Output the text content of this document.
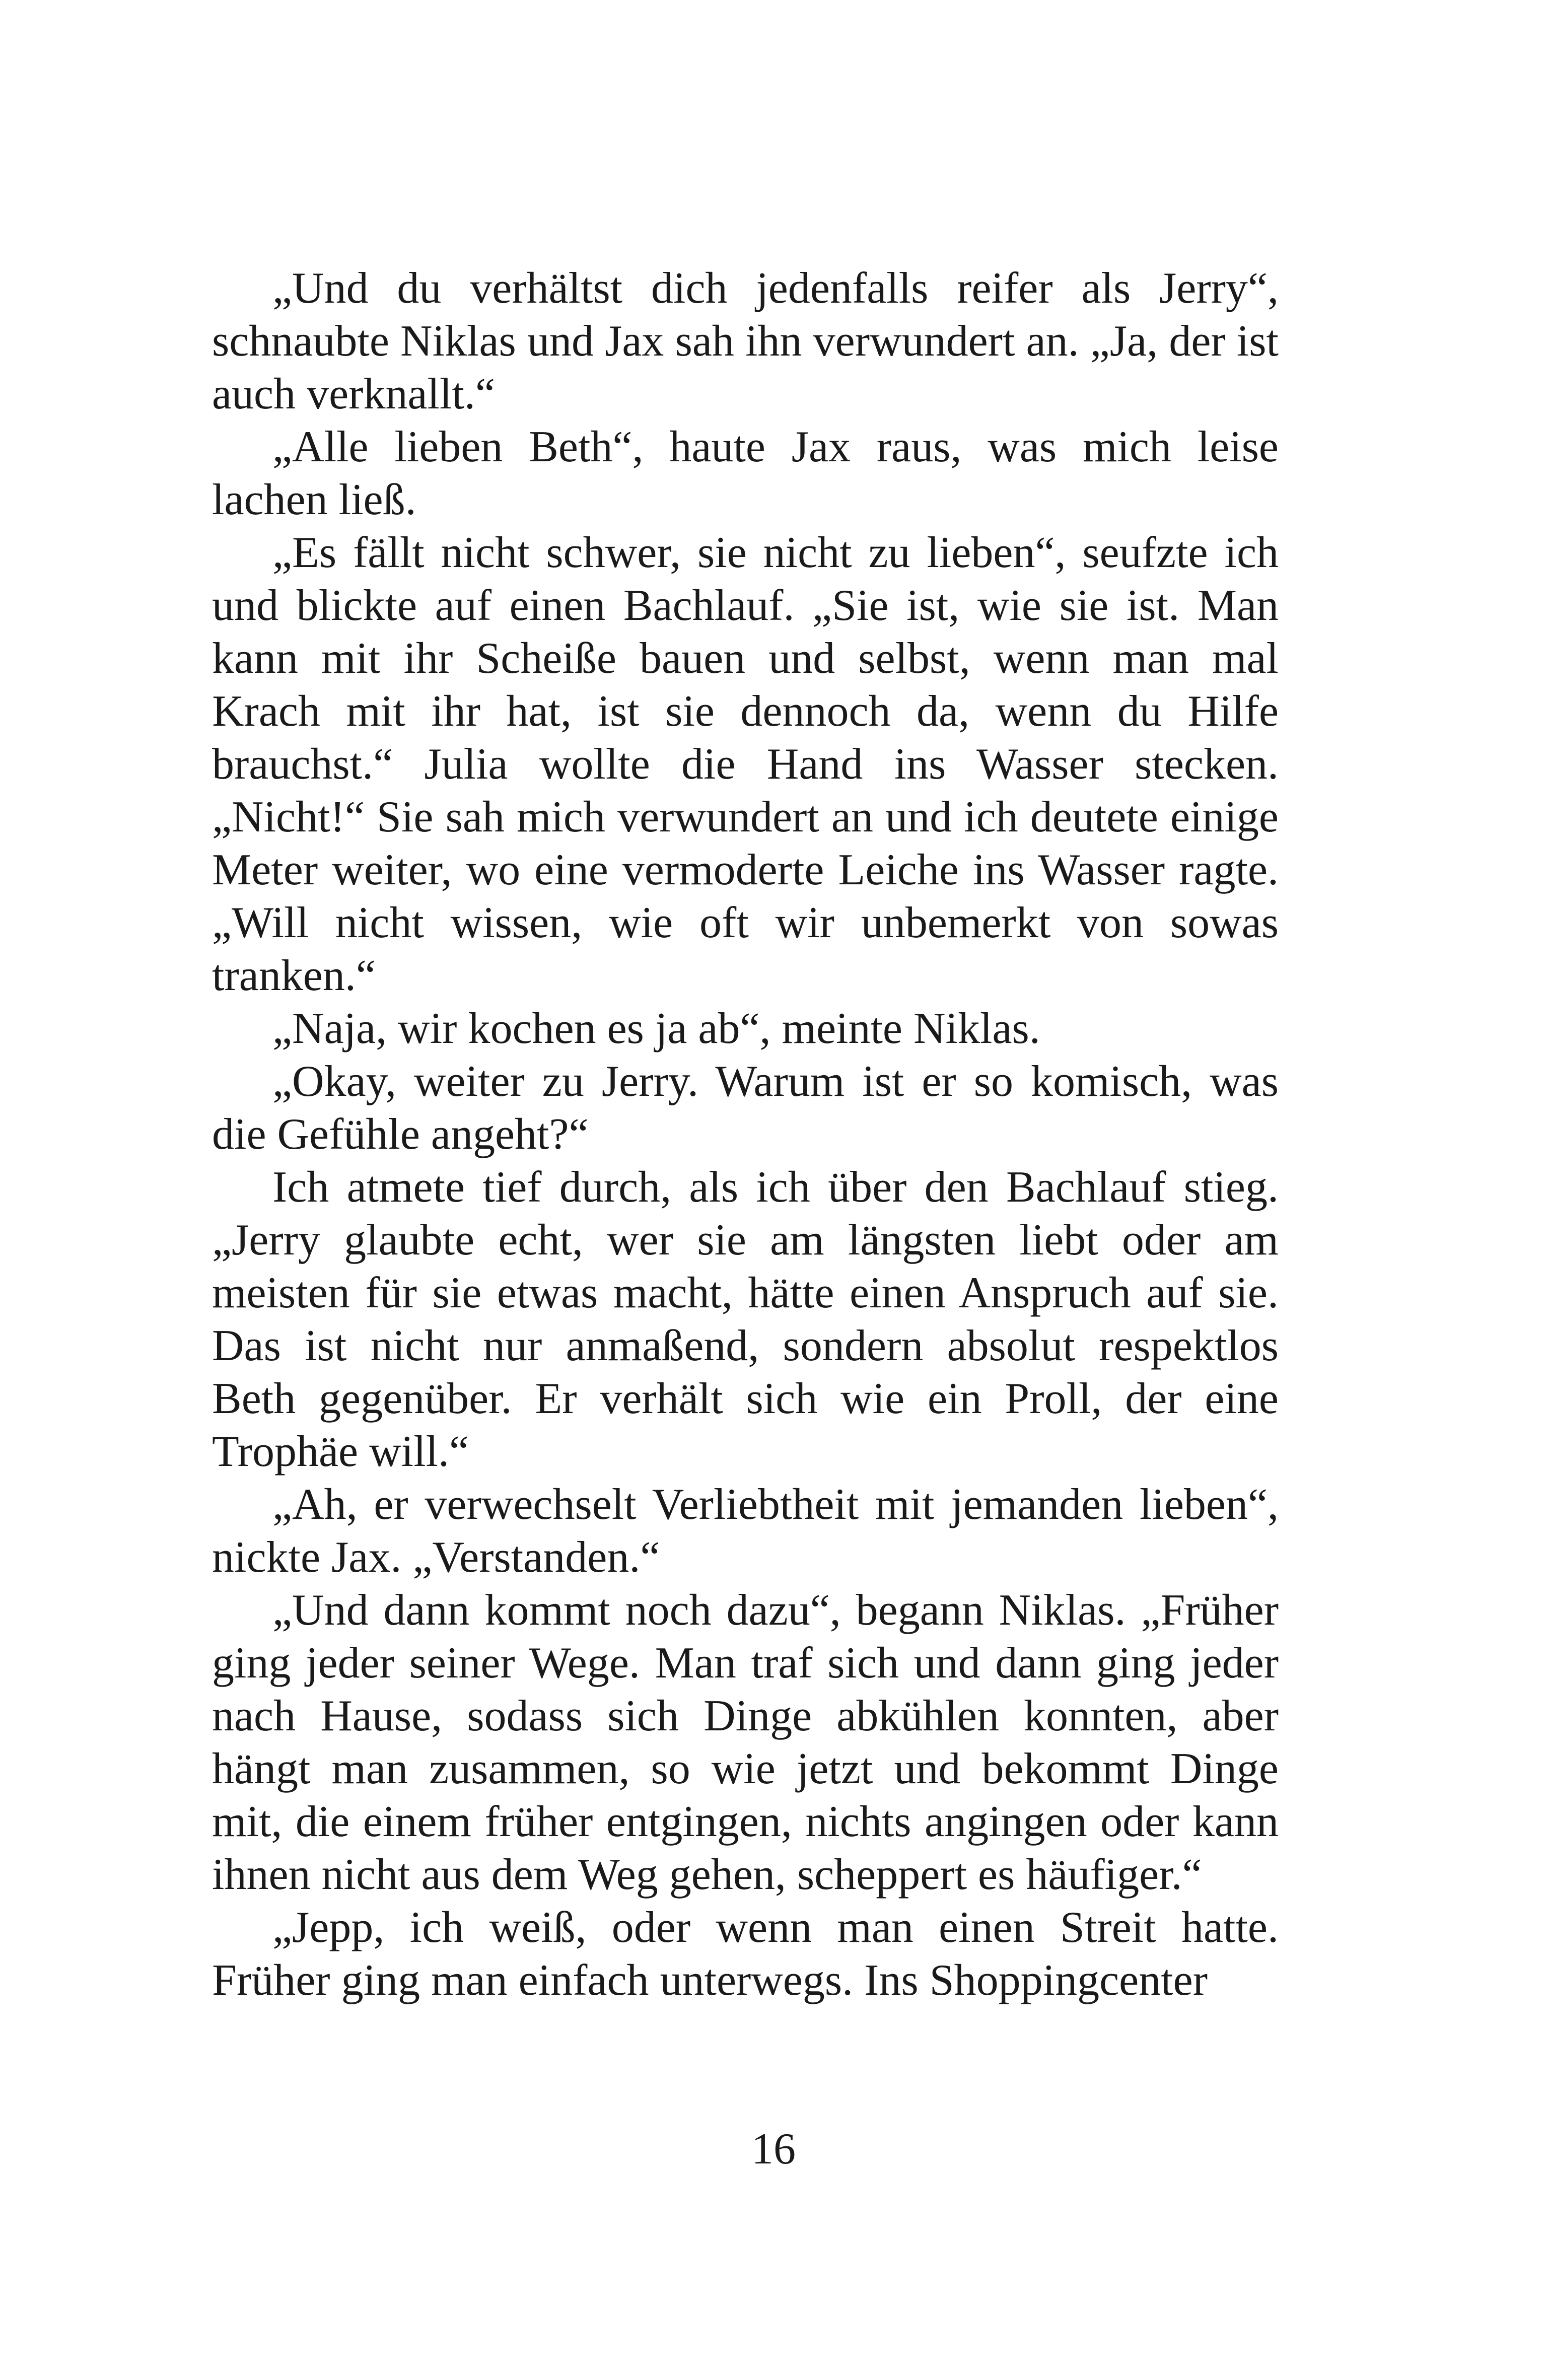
„Und du verhältst dich jedenfalls reifer als Jerry“, schnaubte Niklas und Jax sah ihn verwundert an. „Ja, der ist auch verknallt.“

„Alle lieben Beth“, haute Jax raus, was mich leise lachen ließ.

„Es fällt nicht schwer, sie nicht zu lieben“, seufzte ich und blickte auf einen Bachlauf. „Sie ist, wie sie ist. Man kann mit ihr Scheiße bauen und selbst, wenn man mal Krach mit ihr hat, ist sie dennoch da, wenn du Hilfe brauchst.“ Julia wollte die Hand ins Wasser stecken. „Nicht!“ Sie sah mich verwundert an und ich deutete einige Meter weiter, wo eine vermoderte Leiche ins Wasser ragte. „Will nicht wissen, wie oft wir unbemerkt von sowas tranken.“

„Naja, wir kochen es ja ab“, meinte Niklas.

„Okay, weiter zu Jerry. Warum ist er so komisch, was die Gefühle angeht?“

Ich atmete tief durch, als ich über den Bachlauf stieg. „Jerry glaubte echt, wer sie am längsten liebt oder am meisten für sie etwas macht, hätte einen Anspruch auf sie. Das ist nicht nur anmaßend, sondern absolut respektlos Beth gegenüber. Er verhält sich wie ein Proll, der eine Trophäe will.“

„Ah, er verwechselt Verliebtheit mit jemanden lieben“, nickte Jax. „Verstanden.“

„Und dann kommt noch dazu“, begann Niklas. „Früher ging jeder seiner Wege. Man traf sich und dann ging jeder nach Hause, sodass sich Dinge abkühlen konnten, aber hängt man zusammen, so wie jetzt und bekommt Dinge mit, die einem früher entgingen, nichts angingen oder kann ihnen nicht aus dem Weg gehen, scheppert es häufiger.“

„Jepp, ich weiß, oder wenn man einen Streit hatte. Früher ging man einfach unterwegs. Ins Shoppingcenter

16
